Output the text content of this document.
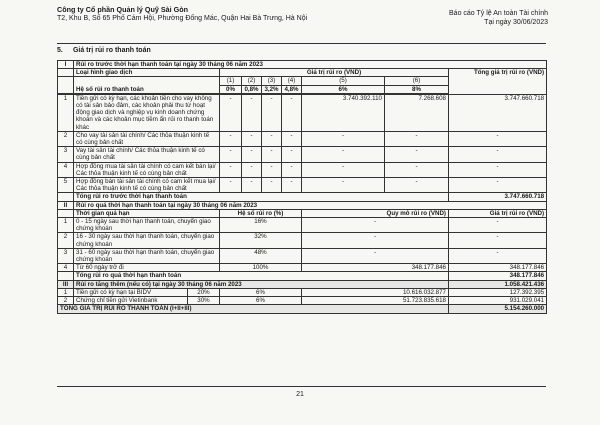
Công ty Cổ phần Quản lý Quỹ Sài Gòn
T2, Khu B, Số 65 Phố Cảm Hội, Phường Đống Mác, Quận Hai Bà Trưng, Hà Nội
Báo cáo Tỷ lệ An toàn Tài chính
Tại ngày 30/06/2023
5. Giá trị rủi ro thanh toán
I	Rủi ro trước thời hạn thanh toán tại ngày 30 tháng 06 năm 2023								
	Loại hình giao dịch		Giá trị rủi ro (VND)						Tổng giá trị rủi ro (VND)
	Hệ số rủi ro thanh toán		(1)	(2)	(3)	(4)	(5)	(6)	
			0%	0,8%	3,2%	4,8%	6%	8%	

1	Tiền gửi có kỳ hạn, các khoản tiền cho vay không có tài sản bảo đảm, các khoản phải thu từ hoạt động giao dịch và nghiệp vụ kinh doanh chứng khoán và các khoản mục tiềm ẩn rủi ro thanh toán khác		-	-	-	-	3.740.392.110	7.268.608	3.747.660.718
2	Cho vay tài sản tài chính/ Các thỏa thuận kinh tế có cùng bản chất		-	-	-	-	-	-	-
3	Vay tài sản tài chính/ Các thỏa thuận kinh tế có cùng bản chất		-	-	-	-	-	-	-
4	Hợp đồng mua tài sản tài chính có cam kết bán lại/ Các thỏa thuận kinh tế có cùng bản chất		-	-	-	-	-	-	-
5	Hợp đồng bán tài sản tài chính có cam kết mua lại/ Các thỏa thuận kinh tế có cùng bản chất		-	-	-	-	-	-	-
	Tổng rủi ro trước thời hạn thanh toán								3.747.660.718
II	Rủi ro quá thời hạn thanh toán tại ngày 30 tháng 06 năm 2023								
	Thời gian quá hạn		Hệ số rủi ro (%)				Quy mô rủi ro (VND)		Giá trị rủi ro (VND)
1	0 - 15 ngày sau thời hạn thanh toán, chuyển giao chứng khoán		16%				-		-
2	16 - 30 ngày sau thời hạn thanh toán, chuyển giao chứng khoán		32%				-		-
3	31 - 60 ngày sau thời hạn thanh toán, chuyển giao chứng khoán		48%				-		-
4	Từ 60 ngày trở đi		100%				348.177.846		348.177.846
	Tổng rủi ro quá thời hạn thanh toán								348.177.846
III	Rủi ro tăng thêm (nếu có) tại ngày 30 tháng 06 năm 2023								1.058.421.436
1	Tiền gửi có kỳ hạn tại BIDV	20%	6%				10.616.032.877		127.392.395
2	Chứng chỉ tiền gửi Vietinbank	30%	6%				51.723.835.618		931.029.041
TỔNG GIÁ TRỊ RỦI RO THANH TOÁN (I+II+III)									5.154.260.000
21
